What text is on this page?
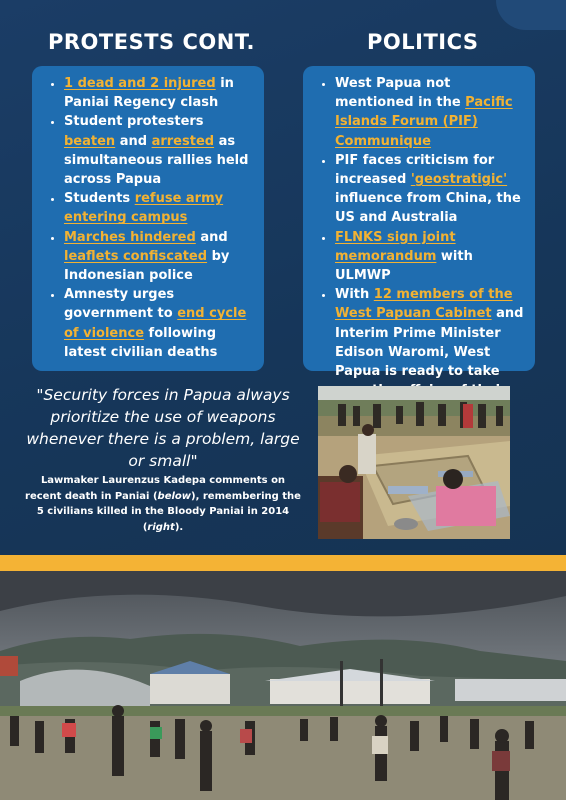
PROTESTS CONT.	POLITICS
• 1 dead and 2 injured in Paniai Regency clash
• Student protesters beaten and arrested as simultaneous rallies held across Papua
• Students refuse army entering campus
• Marches hindered and leaflets confiscated by Indonesian police
• Amnesty urges government to end cycle of violence following latest civilian deaths
• West Papua not mentioned in the Pacific Islands Forum (PIF) Communique
• PIF faces criticism for increased 'geostratigic' influence from China, the US and Australia
• FLNKS sign joint memorandum with ULMWP
• With 12 members of the West Papuan Cabinet and Interim Prime Minister Edison Waromi, West Papua is ready to take
"Security forces in Papua always prioritize the use of weapons whenever there is a problem, large or small"
Lawmaker Laurenzus Kadepa comments on recent death in Paniai (below), remembering the 5 civilians killed in the Bloody Paniai in 2014 (right).
